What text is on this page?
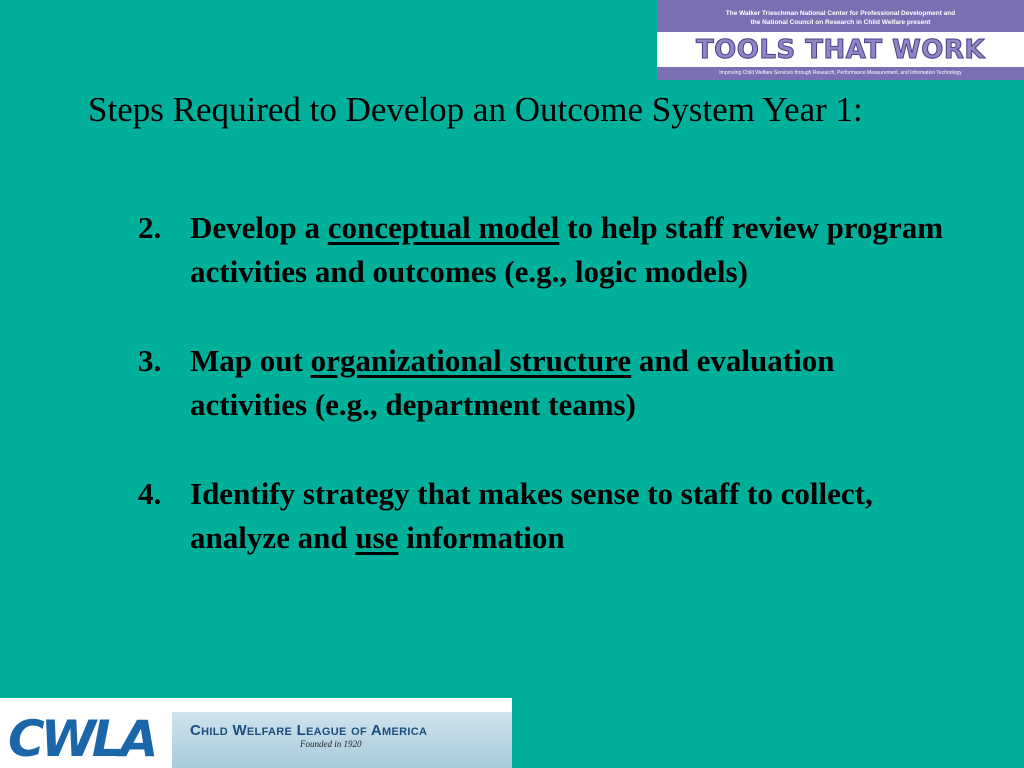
The Walker Trieschman National Center for Professional Development and
the National Council on Research in Child Welfare present
TOOLS THAT WORK
Improving Child Welfare Services through Research, Performance Measurement, and Information Technology
Steps Required to Develop an Outcome System Year 1:
2. Develop a conceptual model to help staff review program activities and outcomes (e.g., logic models)
3. Map out organizational structure and evaluation activities (e.g., department teams)
4. Identify strategy that makes sense to staff to collect, analyze and use information
CWLA Child Welfare League of America
Founded in 1920
